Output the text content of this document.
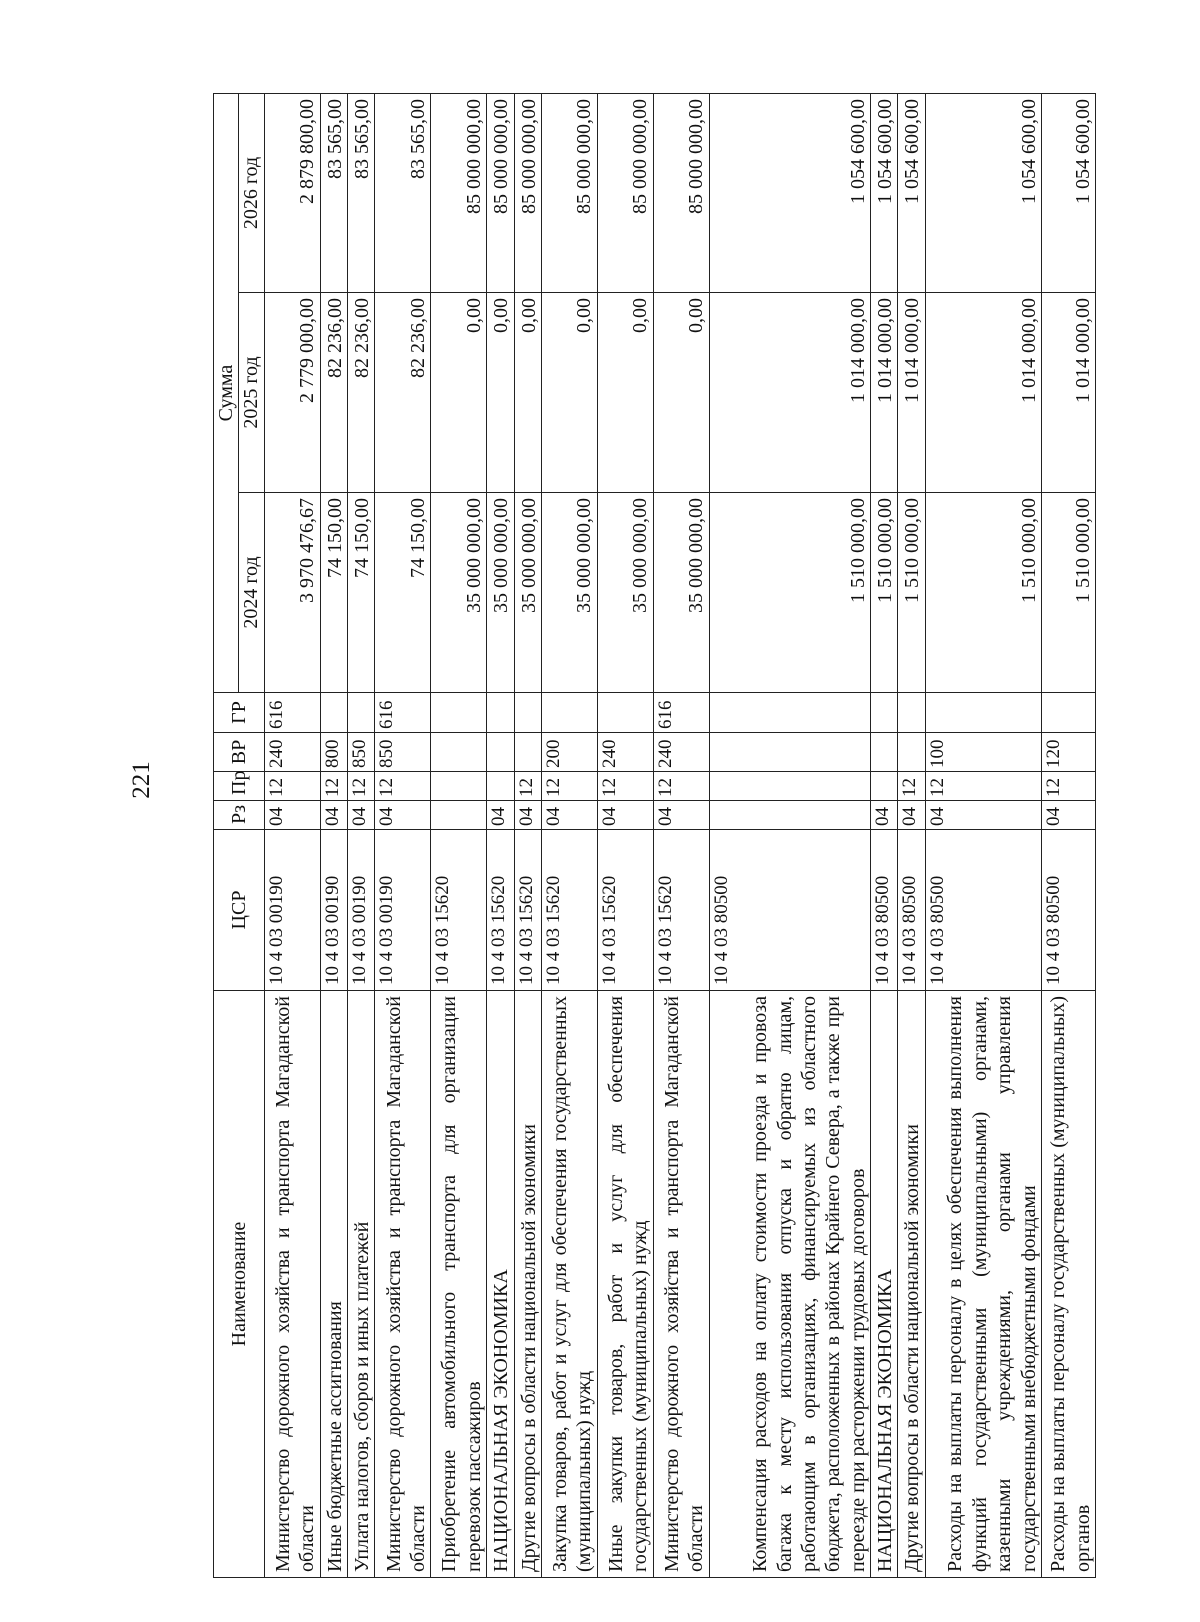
221
Наименование	ЦСР	Рз	Пр	ВР	ГР	Сумма		
						2024 год	2025 год	2026 год
Министерство дорожного хозяйства и транспорта Магаданской области	10 4 03 00190	04	12	240	616	3 970 476,67	2 779 000,00	2 879 800,00
Иные бюджетные ассигнования	10 4 03 00190	04	12	800		74 150,00	82 236,00	83 565,00
Уплата налогов, сборов и иных платежей	10 4 03 00190	04	12	850		74 150,00	82 236,00	83 565,00
Министерство дорожного хозяйства и транспорта Магаданской области	10 4 03 00190	04	12	850	616	74 150,00	82 236,00	83 565,00
Приобретение автомобильного транспорта для организации перевозок пассажиров	10 4 03 15620					35 000 000,00	0,00	85 000 000,00
НАЦИОНАЛЬНАЯ ЭКОНОМИКА	10 4 03 15620	04				35 000 000,00	0,00	85 000 000,00
Другие вопросы в области национальной экономики	10 4 03 15620	04	12			35 000 000,00	0,00	85 000 000,00
Закупка товаров, работ и услуг для обеспечения государственных (муниципальных) нужд	10 4 03 15620	04	12	200		35 000 000,00	0,00	85 000 000,00
Иные закупки товаров, работ и услуг для обеспечения государственных (муниципальных) нужд	10 4 03 15620	04	12	240		35 000 000,00	0,00	85 000 000,00
Министерство дорожного хозяйства и транспорта Магаданской области	10 4 03 15620	04	12	240	616	35 000 000,00	0,00	85 000 000,00
Компенсация расходов на оплату стоимости проезда и провоза багажа к месту использования отпуска и обратно лицам, работающим в организациях, финансируемых из областного бюджета, расположенных в районах Крайнего Севера, а также при переезде при расторжении трудовых договоров	10 4 03 80500					1 510 000,00	1 014 000,00	1 054 600,00
НАЦИОНАЛЬНАЯ ЭКОНОМИКА	10 4 03 80500	04				1 510 000,00	1 014 000,00	1 054 600,00
Другие вопросы в области национальной экономики	10 4 03 80500	04	12			1 510 000,00	1 014 000,00	1 054 600,00
Расходы на выплаты персоналу в целях обеспечения выполнения функций государственными (муниципальными) органами, казенными учреждениями, органами управления государственными внебюджетными фондами	10 4 03 80500	04	12	100		1 510 000,00	1 014 000,00	1 054 600,00
Расходы на выплаты персоналу государственных (муниципальных) органов	10 4 03 80500	04	12	120		1 510 000,00	1 014 000,00	1 054 600,00
